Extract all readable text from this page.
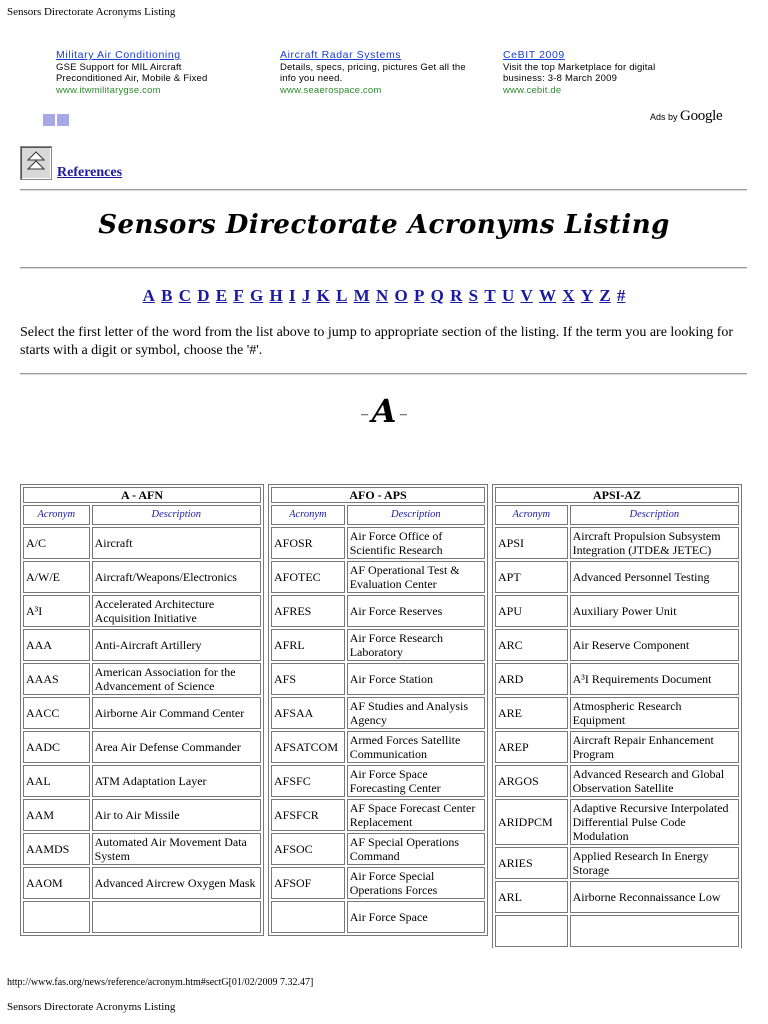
Sensors Directorate Acronyms Listing
Military Air Conditioning
GSE Support for MIL Aircraft
Preconditioned Air, Mobile & Fixed
www.itwmilitarygse.com
Aircraft Radar Systems
Details, specs, pricing, pictures Get all the
info you need.
www.seaerospace.com
CeBIT 2009
Visit the top Marketplace for digital
business: 3-8 March 2009
www.cebit.de
Ads by Google
References
Sensors Directorate Acronyms Listing
A B C D E F G H I J K L M N O P Q R S T U V W X Y Z #
Select the first letter of the word from the list above to jump to appropriate section of the listing. If the term you are looking for starts with a digit or symbol, choose the '#'.
– A –
A - AFN
Acronym	Description
A/C	Aircraft
A/W/E	Aircraft/Weapons/Electronics
A³I	Accelerated Architecture Acquisition Initiative
AAA	Anti-Aircraft Artillery
AAAS	American Association for the Advancement of Science
AACC	Airborne Air Command Center
AADC	Area Air Defense Commander
AAL	ATM Adaptation Layer
AAM	Air to Air Missile
AAMDS	Automated Air Movement Data System
AAOM	Advanced Aircrew Oxygen Mask

AFO - APS
Acronym	Description
AFOSR	Air Force Office of Scientific Research
AFOTEC	AF Operational Test & Evaluation Center
AFRES	Air Force Reserves
AFRL	Air Force Research Laboratory
AFS	Air Force Station
AFSAA	AF Studies and Analysis Agency
AFSATCOM	Armed Forces Satellite Communication
AFSFC	Air Force Space Forecasting Center
AFSFCR	AF Space Forecast Center Replacement
AFSOC	AF Special Operations Command
AFSOF	Air Force Special Operations Forces
	Air Force Space

APSI-AZ
Acronym	Description
APSI	Aircraft Propulsion Subsystem Integration (JTDE& JETEC)
APT	Advanced Personnel Testing
APU	Auxiliary Power Unit
ARC	Air Reserve Component
ARD	A³I Requirements Document
ARE	Atmospheric Research Equipment
AREP	Aircraft Repair Enhancement Program
ARGOS	Advanced Research and Global Observation Satellite
ARIDPCM	Adaptive Recursive Interpolated Differential Pulse Code Modulation
ARIES	Applied Research In Energy Storage
ARL	Airborne Reconnaissance Low

http://www.fas.org/news/reference/acronym.htm#sectG[01/02/2009 7.32.47]
Sensors Directorate Acronyms Listing
